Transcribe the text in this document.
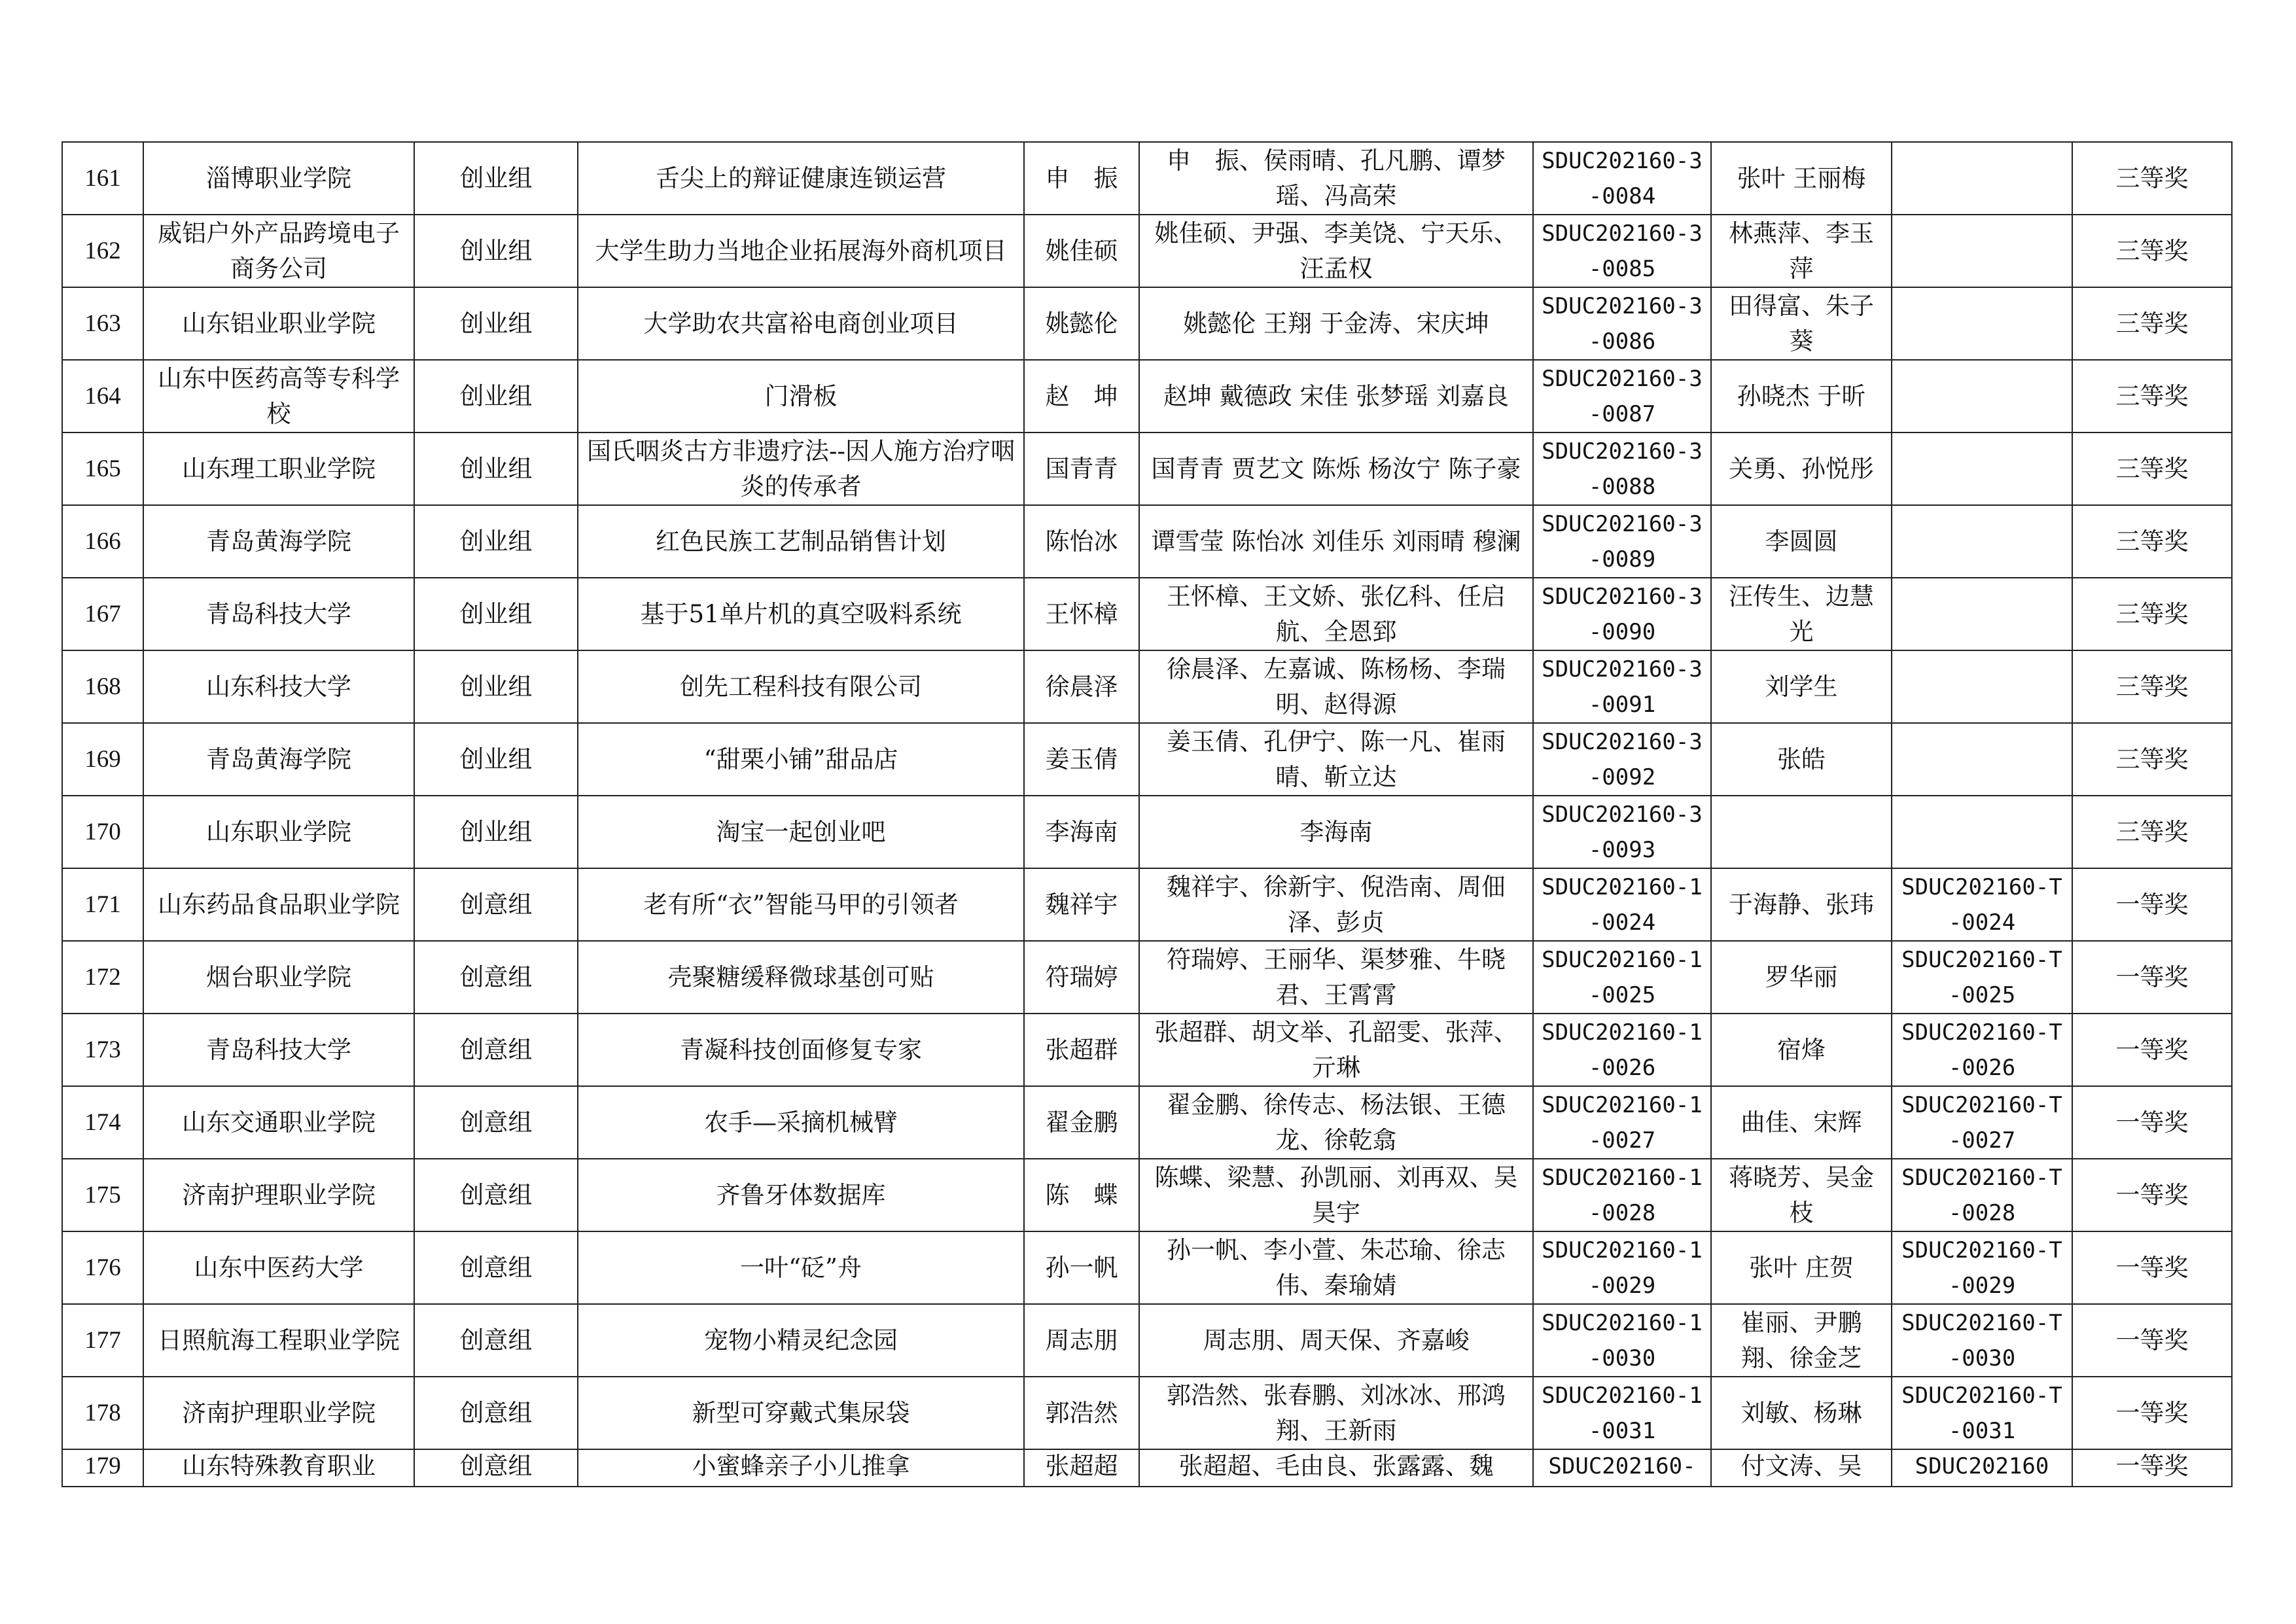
161	淄博职业学院	创业组	舌尖上的辩证健康连锁运营	申　振	申　振、侯雨晴、孔凡鹏、谭梦瑶、冯高荣	SDUC202160-3-0084	张叶 王丽梅		三等奖
162	威铝户外产品跨境电子商务公司	创业组	大学生助力当地企业拓展海外商机项目	姚佳硕	姚佳硕、尹强、李美饶、宁天乐、汪孟权	SDUC202160-3-0085	林燕萍、李玉萍		三等奖
163	山东铝业职业学院	创业组	大学助农共富裕电商创业项目	姚懿伦	姚懿伦 王翔 于金涛、宋庆坤	SDUC202160-3-0086	田得富、朱子葵		三等奖
164	山东中医药高等专科学校	创业组	门滑板	赵　坤	赵坤 戴德政 宋佳 张梦瑶 刘嘉良	SDUC202160-3-0087	孙晓杰 于昕		三等奖
165	山东理工职业学院	创业组	国氏咽炎古方非遗疗法--因人施方治疗咽炎的传承者	国青青	国青青 贾艺文 陈烁 杨汝宁 陈子豪	SDUC202160-3-0088	关勇、孙悦彤		三等奖
166	青岛黄海学院	创业组	红色民族工艺制品销售计划	陈怡冰	谭雪莹 陈怡冰 刘佳乐 刘雨晴 穆澜	SDUC202160-3-0089	李圆圆		三等奖
167	青岛科技大学	创业组	基于51单片机的真空吸料系统	王怀樟	王怀樟、王文娇、张亿科、任启航、全恩郅	SDUC202160-3-0090	汪传生、边慧光		三等奖
168	山东科技大学	创业组	创先工程科技有限公司	徐晨泽	徐晨泽、左嘉诚、陈杨杨、李瑞明、赵得源	SDUC202160-3-0091	刘学生		三等奖
169	青岛黄海学院	创业组	“甜栗小铺”甜品店	姜玉倩	姜玉倩、孔伊宁、陈一凡、崔雨晴、靳立达	SDUC202160-3-0092	张皓		三等奖
170	山东职业学院	创业组	淘宝一起创业吧	李海南	李海南	SDUC202160-3-0093			三等奖
171	山东药品食品职业学院	创意组	老有所“衣”智能马甲的引领者	魏祥宇	魏祥宇、徐新宇、倪浩南、周佃泽、彭贞	SDUC202160-1-0024	于海静、张玮	SDUC202160-T-0024	一等奖
172	烟台职业学院	创意组	壳聚糖缓释微球基创可贴	符瑞婷	符瑞婷、王丽华、渠梦雅、牛晓君、王霄霄	SDUC202160-1-0025	罗华丽	SDUC202160-T-0025	一等奖
173	青岛科技大学	创意组	青凝科技创面修复专家	张超群	张超群、胡文举、孔韶雯、张萍、亓琳	SDUC202160-1-0026	宿烽	SDUC202160-T-0026	一等奖
174	山东交通职业学院	创意组	农手—采摘机械臂	翟金鹏	翟金鹏、徐传志、杨法银、王德龙、徐乾翕	SDUC202160-1-0027	曲佳、宋辉	SDUC202160-T-0027	一等奖
175	济南护理职业学院	创意组	齐鲁牙体数据库	陈　蝶	陈蝶、梁慧、孙凯丽、刘再双、吴昊宇	SDUC202160-1-0028	蒋晓芳、吴金枝	SDUC202160-T-0028	一等奖
176	山东中医药大学	创意组	一叶“砭”舟	孙一帆	孙一帆、李小萱、朱芯瑜、徐志伟、秦瑜婧	SDUC202160-1-0029	张叶 庄贺	SDUC202160-T-0029	一等奖
177	日照航海工程职业学院	创意组	宠物小精灵纪念园	周志朋	周志朋、周天保、齐嘉峻	SDUC202160-1-0030	崔丽、尹鹏翔、徐金芝	SDUC202160-T-0030	一等奖
178	济南护理职业学院	创意组	新型可穿戴式集尿袋	郭浩然	郭浩然、张春鹏、刘冰冰、邢鸿翔、王新雨	SDUC202160-1-0031	刘敏、杨琳	SDUC202160-T-0031	一等奖
179	山东特殊教育职业	创意组	小蜜蜂亲子小儿推拿	张超超	张超超、毛由良、张露露、魏	SDUC202160-	付文涛、吴	SDUC202160	一等奖
